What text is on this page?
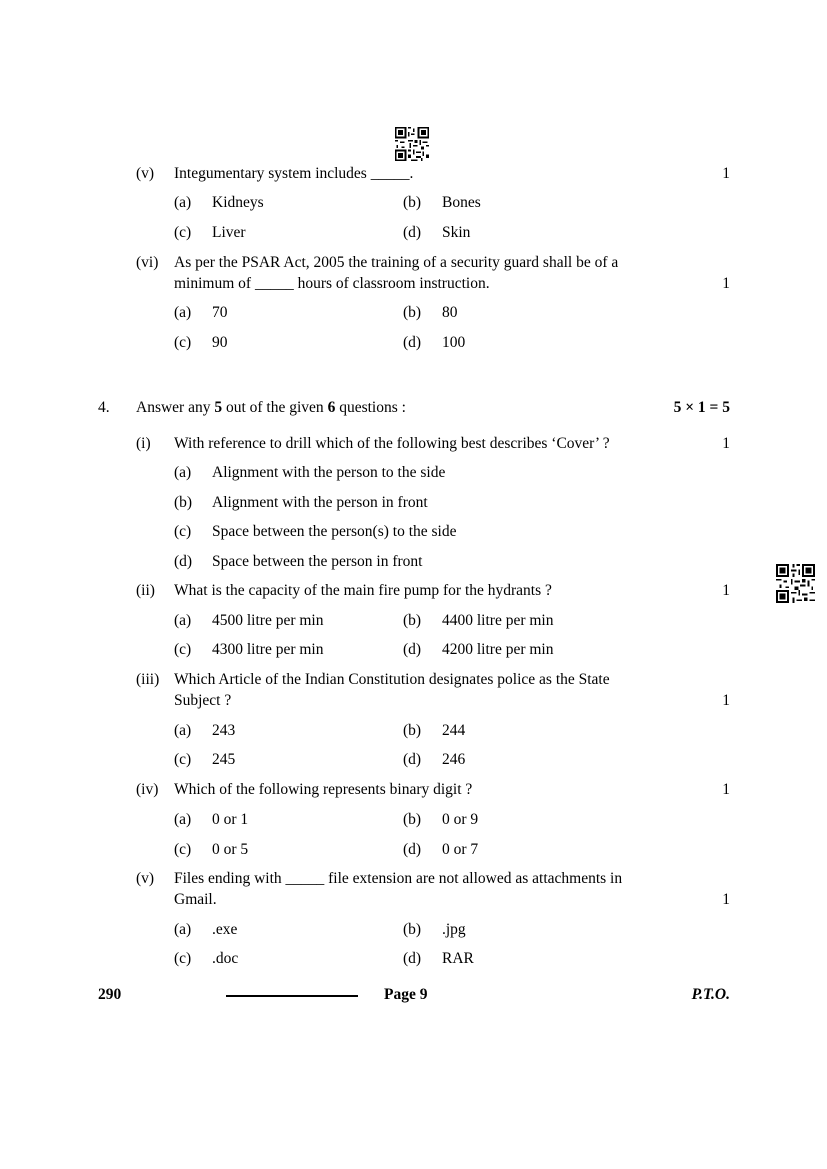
(v) Integumentary system includes _____.	1
(a) Kidneys	(b) Bones
(c) Liver	(d) Skin
(vi) As per the PSAR Act, 2005 the training of a security guard shall be of a
minimum of _____ hours of classroom instruction.	1
(a) 70	(b) 80
(c) 90	(d) 100
4. Answer any 5 out of the given 6 questions :	5 × 1 = 5
(i) With reference to drill which of the following best describes ‘Cover’ ?	1
(a) Alignment with the person to the side
(b) Alignment with the person in front
(c) Space between the person(s) to the side
(d) Space between the person in front
(ii) What is the capacity of the main fire pump for the hydrants ?	1
(a) 4500 litre per min	(b) 4400 litre per min
(c) 4300 litre per min	(d) 4200 litre per min
(iii) Which Article of the Indian Constitution designates police as the State
Subject ?	1
(a) 243	(b) 244
(c) 245	(d) 246
(iv) Which of the following represents binary digit ?	1
(a) 0 or 1	(b) 0 or 9
(c) 0 or 5	(d) 0 or 7
(v) Files ending with _____ file extension are not allowed as attachments in
Gmail.	1
(a) .exe	(b) .jpg
(c) .doc	(d) RAR
290	Page 9	P.T.O.
